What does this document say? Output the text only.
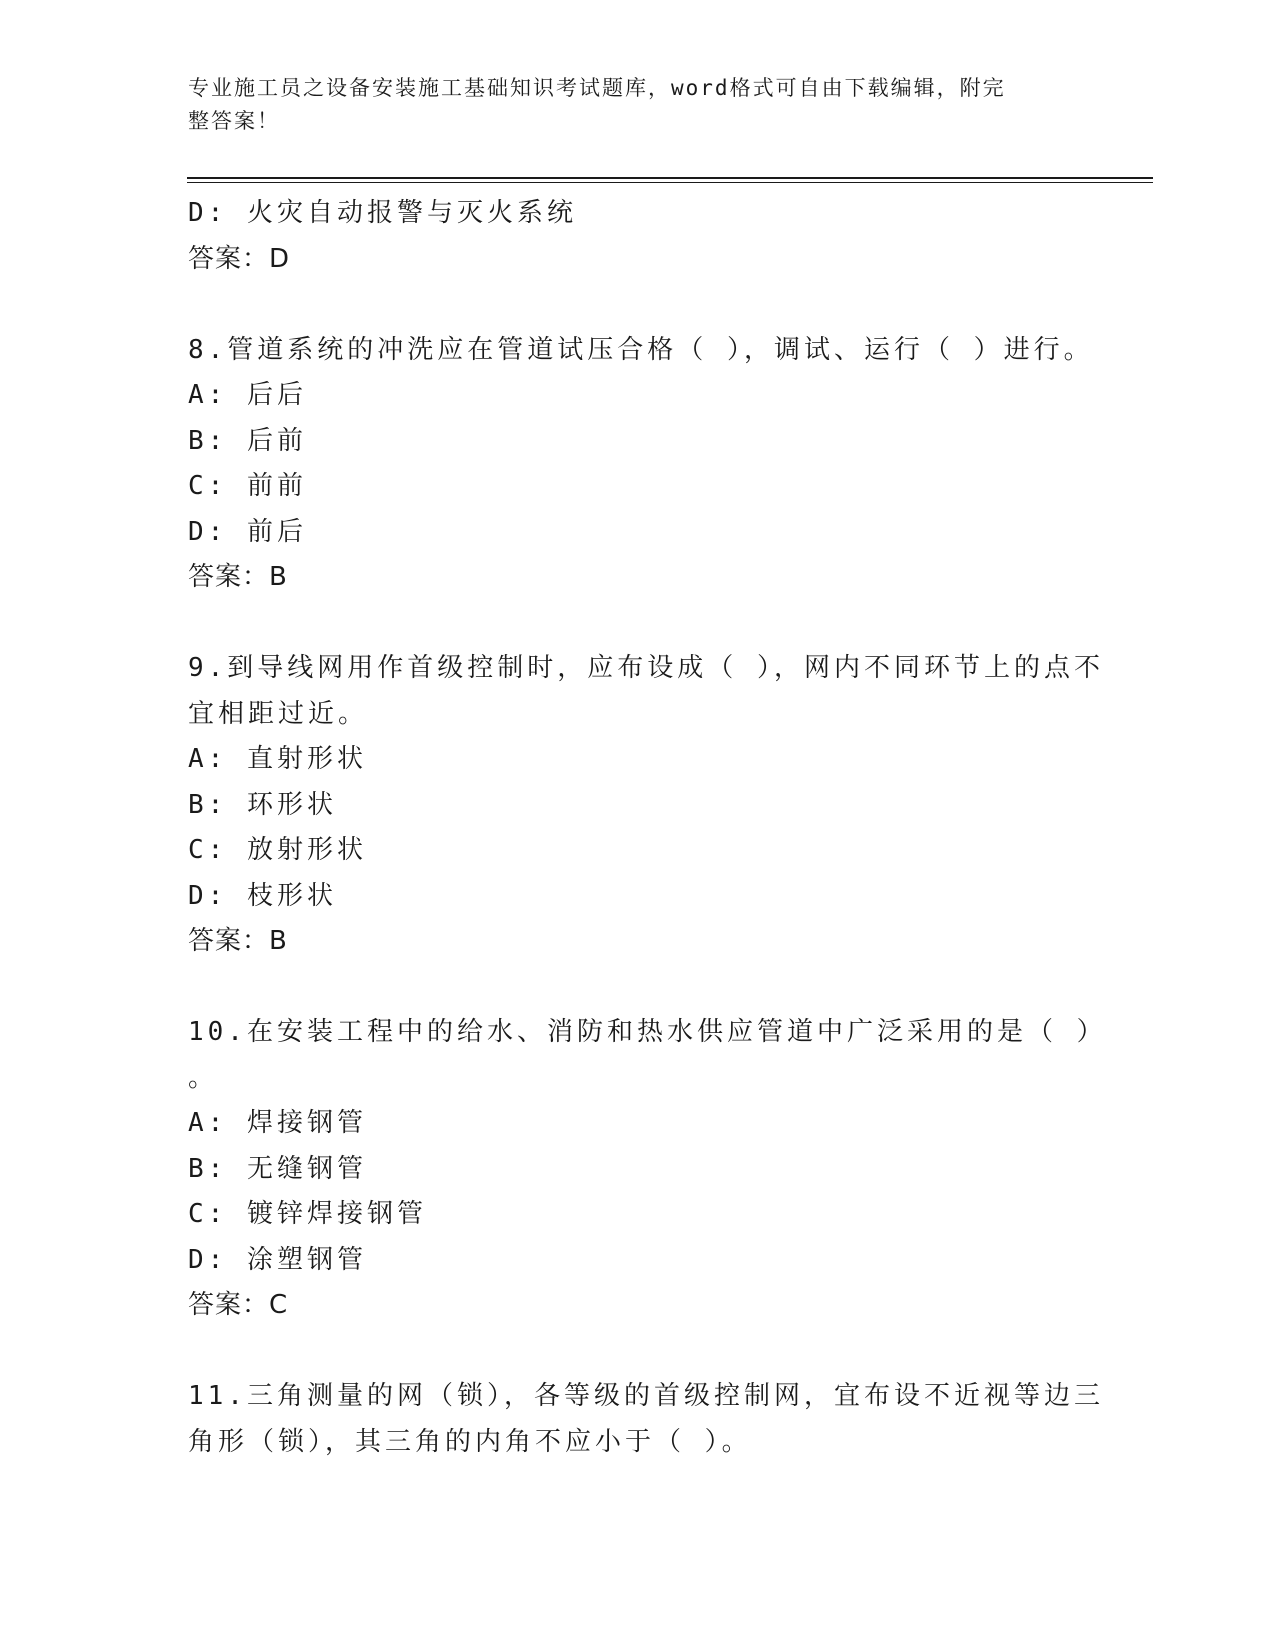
专业施工员之设备安装施工基础知识考试题库，word格式可自由下载编辑，附完
整答案！
D: 火灾自动报警与灭火系统
答案：D
8.管道系统的冲洗应在管道试压合格（ ），调试、运行（ ）进行。
A: 后后
B: 后前
C: 前前
D: 前后
答案：B
9.到导线网用作首级控制时，应布设成（ ），网内不同环节上的点不
宜相距过近。
A: 直射形状
B: 环形状
C: 放射形状
D: 枝形状
答案：B
10.在安装工程中的给水、消防和热水供应管道中广泛采用的是（ ）
。
A: 焊接钢管
B: 无缝钢管
C: 镀锌焊接钢管
D: 涂塑钢管
答案：C
11.三角测量的网（锁），各等级的首级控制网，宜布设不近视等边三
角形（锁），其三角的内角不应小于（ ）。
